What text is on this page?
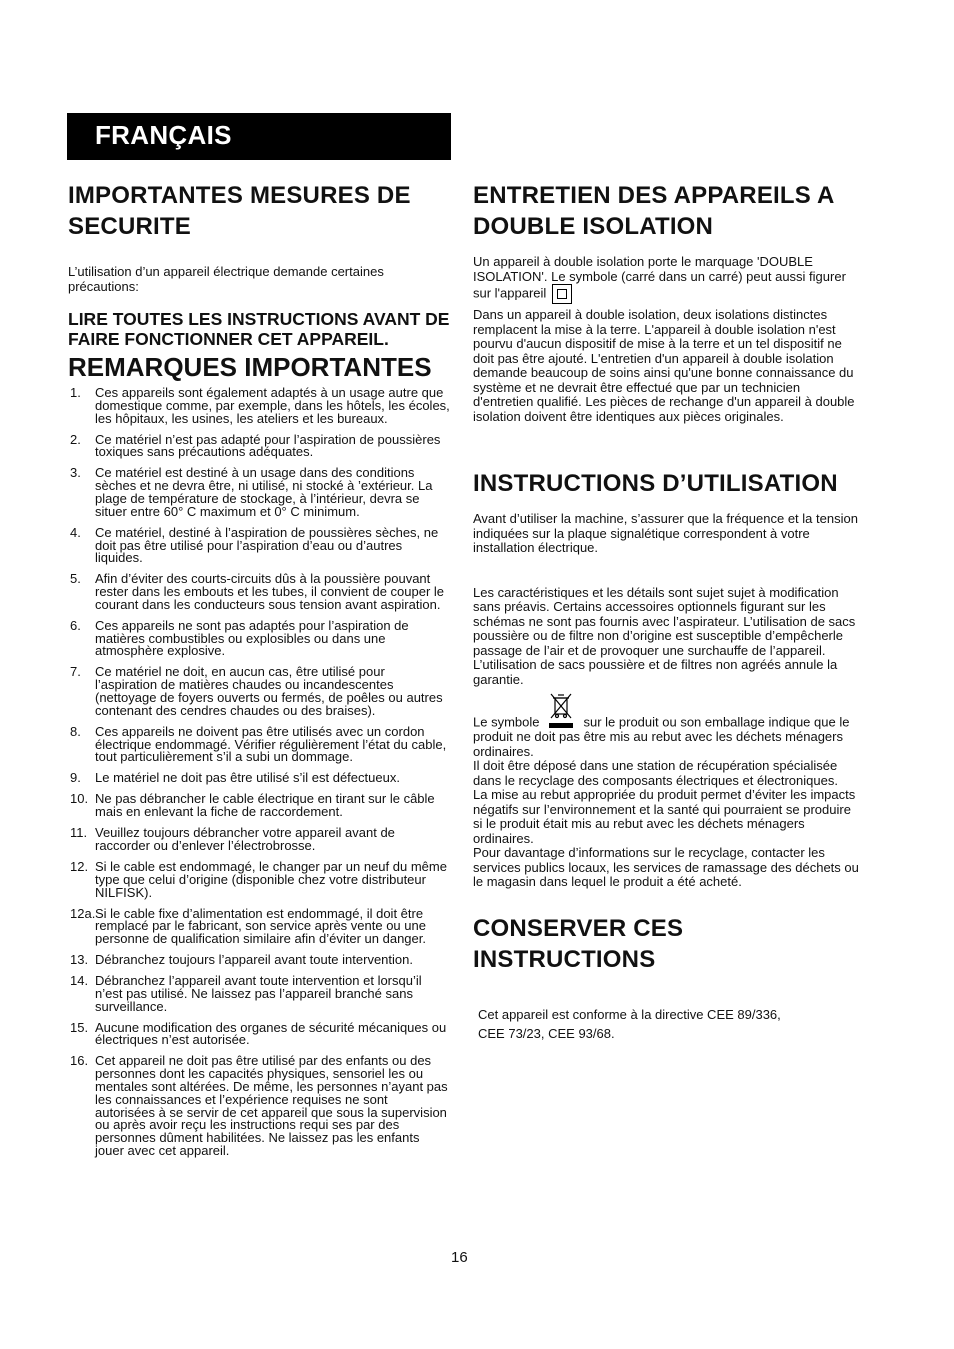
FRANÇAIS
IMPORTANTES MESURES DE SECURITE

L’utilisation d’un appareil électrique demande certaines précautions:

LIRE TOUTES LES INSTRUCTIONS AVANT DE FAIRE FONCTIONNER CET APPAREIL.

REMARQUES IMPORTANTES
1. Ces appareils sont également adaptés à un usage autre que domestique comme, par exemple, dans les hôtels, les écoles, les hôpitaux, les usines, les ateliers et les bureaux.
2. Ce matériel n’est pas adapté pour l’aspiration de poussières toxiques sans précautions adéquates.
3. Ce matériel est destiné à un usage dans des conditions sèches et ne devra être, ni utilisé, ni stocké à ’extérieur. La plage de température de stockage, à l’intérieur, devra se situer entre 60° C maximum et 0° C minimum.
4. Ce matériel, destiné à l’aspiration de poussières sèches, ne doit pas être utilisé pour l’aspiration d’eau ou d’autres liquides.
5. Afin d’éviter des courts-circuits dûs à la poussière pouvant rester dans les embouts et les tubes, il convient de couper le courant dans les conducteurs sous tension avant aspiration.
6. Ces appareils ne sont pas adaptés pour l’aspiration de matières combustibles ou explosibles ou dans une atmosphère explosive.
7. Ce matériel ne doit, en aucun cas, être utilisé pour l’aspiration de matières chaudes ou incandescentes (nettoyage de foyers ouverts ou fermés, de poêles ou autres contenant des cendres chaudes ou des braises).
8. Ces appareils ne doivent pas être utilisés avec un cordon électrique endommagé. Vérifier régulièrement l’état du cable, tout particulièrement s’il a subi un dommage.
9. Le matériel ne doit pas être utilisé s’il est défectueux.
10. Ne pas débrancher le cable électrique en tirant sur le câble mais en enlevant la fiche de raccordement.
11. Veuillez toujours débrancher votre appareil avant de raccorder ou d’enlever l’électrobrosse.
12. Si le cable est endommagé, le changer par un neuf du même type que celui d’origine (disponible chez votre distributeur NILFISK).
12a. Si le cable fixe d’alimentation est endommagé, il doit être remplacé par le fabricant, son service après vente ou une personne de qualification similaire afin d’éviter un danger.
13. Débranchez toujours l’appareil avant toute intervention.
14. Débranchez l’appareil avant toute intervention et lorsqu’il n’est pas utilisé. Ne laissez pas l’appareil branché sans surveillance.
15. Aucune modification des organes de sécurité mécaniques ou électriques n’est autorisée.
16. Cet appareil ne doit pas être utilisé par des enfants ou des personnes dont les capacités physiques, sensoriel les ou mentales sont altérées. De même, les personnes n’ayant pas les connaissances et l’expérience requises ne sont autorisées à se servir de cet appareil que sous la supervision ou après avoir reçu les instructions requi ses par des personnes dûment habilitées. Ne laissez pas les enfants jouer avec cet appareil.
ENTRETIEN DES APPAREILS A DOUBLE ISOLATION

Un appareil à double isolation porte le marquage 'DOUBLE ISOLATION'. Le symbole (carré dans un carré) peut aussi figurer sur l'appareil

Dans un appareil à double isolation, deux isolations distinctes remplacent la mise à la terre. L'appareil à double isolation n'est pourvu d'aucun dispositif de mise à la terre et un tel dispositif ne doit pas être ajouté. L'entretien d'un appareil à double isolation demande beaucoup de soins ainsi qu'une bonne connaissance du système et ne devrait être effectué que par un technicien d'entretien qualifié. Les pièces de rechange d'un appareil à double isolation doivent être identiques aux pièces originales.

INSTRUCTIONS D’UTILISATION

Avant d’utiliser la machine, s’assurer que la fréquence et la tension indiquées sur la plaque signalétique correspondent à votre installation électrique.

Les caractéristiques et les détails sont sujet sujet à modification sans préavis. Certains accessoires optionnels figurant sur les schémas ne sont pas fournis avec l’aspirateur. L’utilisation de sacs poussière ou de filtre non d’origine est susceptible d’empêcherle passage de l’air et de provoquer une surchauffe de l’appareil. L’utilisation de sacs poussière et de filtres non agréés annule la garantie.

Le symbole	sur le produit ou son emballage indique que le produit ne doit pas être mis au rebut avec les déchets ménagers ordinaires.

Il doit être déposé dans une station de récupération spécialisée dans le recyclage des composants électriques et électroniques.

La mise au rebut appropriée du produit permet d’éviter les impacts négatifs sur l’environnement et la santé qui pourraient se produire si le produit était mis au rebut avec les déchets ménagers ordinaires.

Pour davantage d’informations sur le recyclage, contacter les services publics locaux, les services de ramassage des déchets ou le magasin dans lequel le produit a été acheté.

CONSERVER CES INSTRUCTIONS

Cet appareil est conforme à la directive CEE 89/336,
CEE 73/23, CEE 93/68.

16
